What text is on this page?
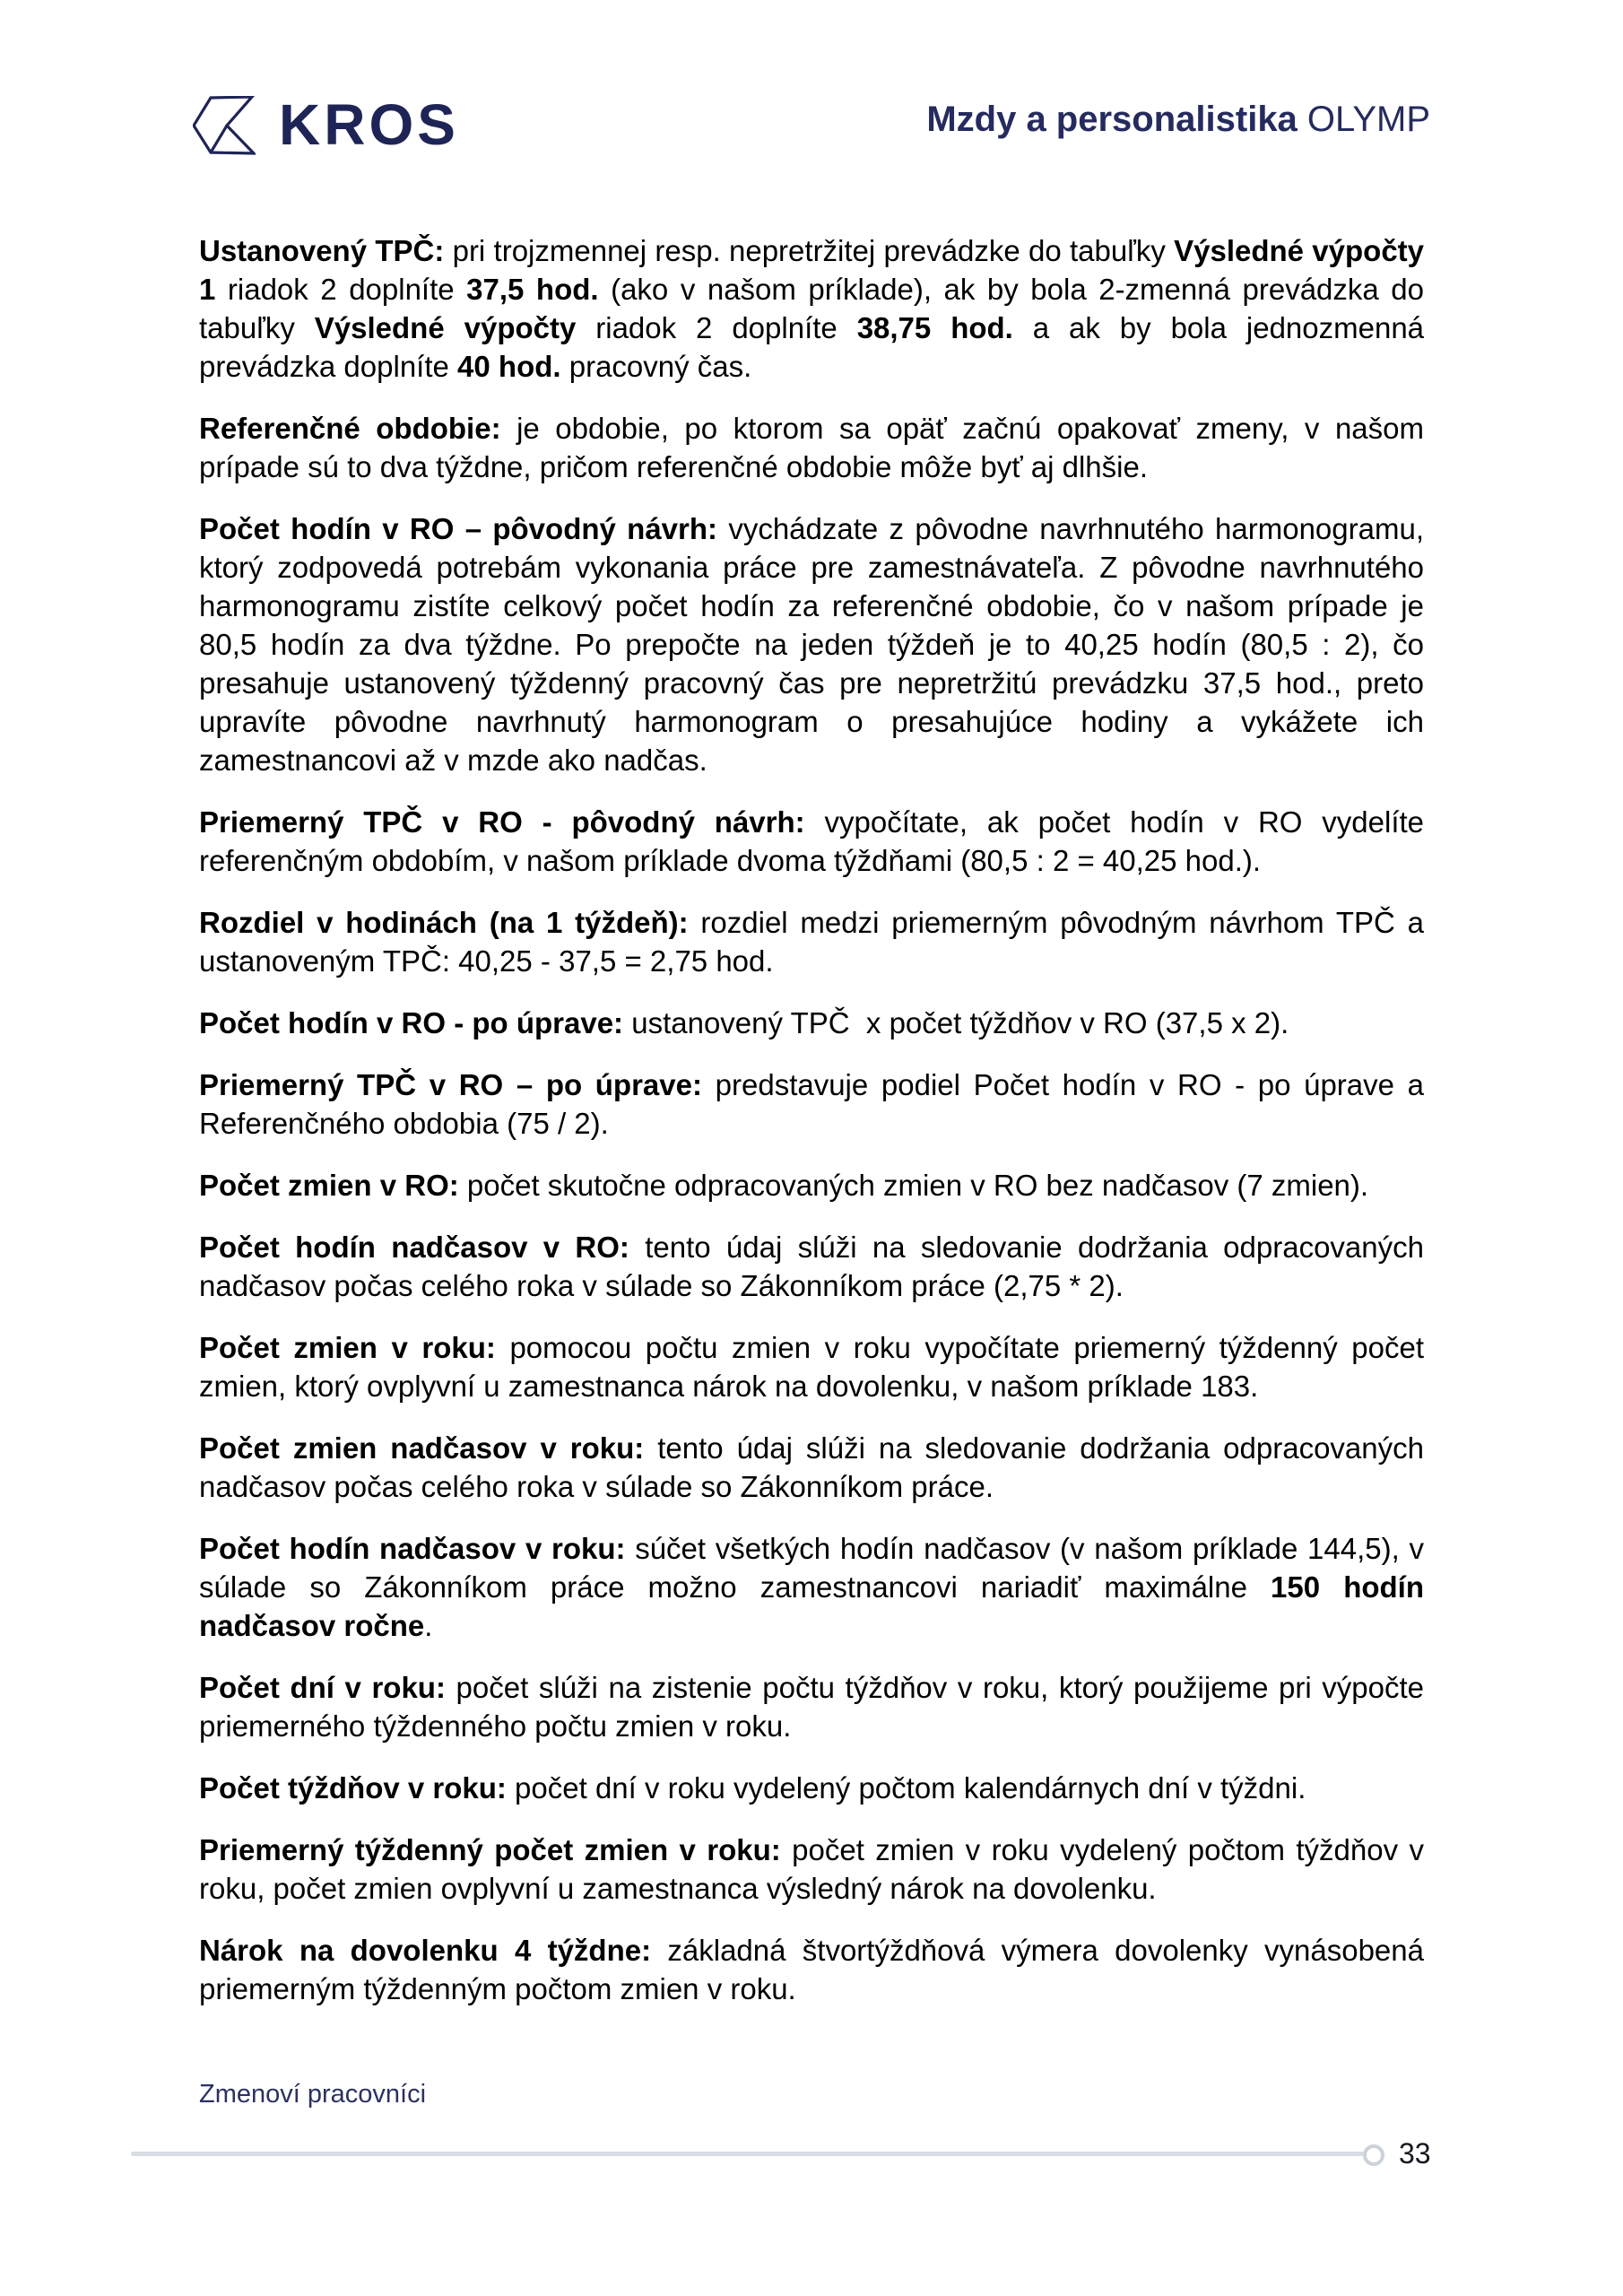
KROS	Mzdy a personalistika OLYMP

Ustanovený TPČ: pri trojzmennej resp. nepretržitej prevádzke do tabuľky Výsledné výpočty 1 riadok 2 doplníte 37,5 hod. (ako v našom príklade), ak by bola 2-zmenná prevádzka do tabuľky Výsledné výpočty riadok 2 doplníte 38,75 hod. a ak by bola jednozmenná prevádzka doplníte 40 hod. pracovný čas.

Referenčné obdobie: je obdobie, po ktorom sa opäť začnú opakovať zmeny, v našom prípade sú to dva týždne, pričom referenčné obdobie môže byť aj dlhšie.

Počet hodín v RO – pôvodný návrh: vychádzate z pôvodne navrhnutého harmonogramu, ktorý zodpovedá potrebám vykonania práce pre zamestnávateľa. Z pôvodne navrhnutého harmonogramu zistíte celkový počet hodín za referenčné obdobie, čo v našom prípade je 80,5 hodín za dva týždne. Po prepočte na jeden týždeň je to 40,25 hodín (80,5 : 2), čo presahuje ustanovený týždenný pracovný čas pre nepretržitú prevádzku 37,5 hod., preto upravíte pôvodne navrhnutý harmonogram o presahujúce hodiny a vykážete ich zamestnancovi až v mzde ako nadčas.

Priemerný TPČ v RO - pôvodný návrh: vypočítate, ak počet hodín v RO vydelíte referenčným obdobím, v našom príklade dvoma týždňami (80,5 : 2 = 40,25 hod.).

Rozdiel v hodinách (na 1 týždeň): rozdiel medzi priemerným pôvodným návrhom TPČ a ustanoveným TPČ: 40,25 - 37,5 = 2,75 hod.

Počet hodín v RO - po úprave: ustanovený TPČ  x počet týždňov v RO (37,5 x 2).

Priemerný TPČ v RO – po úprave: predstavuje podiel Počet hodín v RO - po úprave a Referenčného obdobia (75 / 2).

Počet zmien v RO: počet skutočne odpracovaných zmien v RO bez nadčasov (7 zmien).

Počet hodín nadčasov v RO: tento údaj slúži na sledovanie dodržania odpracovaných nadčasov počas celého roka v súlade so Zákonníkom práce (2,75 * 2).

Počet zmien v roku: pomocou počtu zmien v roku vypočítate priemerný týždenný počet zmien, ktorý ovplyvní u zamestnanca nárok na dovolenku, v našom príklade 183.

Počet zmien nadčasov v roku: tento údaj slúži na sledovanie dodržania odpracovaných nadčasov počas celého roka v súlade so Zákonníkom práce.

Počet hodín nadčasov v roku: súčet všetkých hodín nadčasov (v našom príklade 144,5), v súlade so Zákonníkom práce možno zamestnancovi nariadiť maximálne 150 hodín nadčasov ročne.

Počet dní v roku: počet slúži na zistenie počtu týždňov v roku, ktorý použijeme pri výpočte priemerného týždenného počtu zmien v roku.

Počet týždňov v roku: počet dní v roku vydelený počtom kalendárnych dní v týždni.

Priemerný týždenný počet zmien v roku: počet zmien v roku vydelený počtom týždňov v roku, počet zmien ovplyvní u zamestnanca výsledný nárok na dovolenku.

Nárok na dovolenku 4 týždne: základná štvortýždňová výmera dovolenky vynásobená priemerným týždenným počtom zmien v roku.

Zmenoví pracovníci
33
